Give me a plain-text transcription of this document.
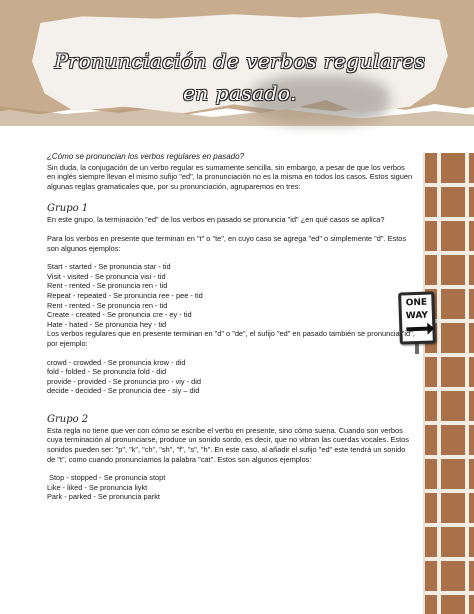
Pronunciación de verbos regulares
en pasado.
ONE
WAY

¿Cómo se pronuncian los verbos regulares en pasado?

Sin duda, la conjugación de un verbo regular es sumamente sencilla, sin embargo, a pesar de que los verbos en inglés siempre llevan el mismo sufijo "ed", la pronunciación no es la misma en todos los casos. Estos siguen algunas reglas gramaticales que, por su pronunciación, agruparemos en tres:

Grupo 1

En este grupo, la terminación "ed" de los verbos en pasado se pronuncia "id" ¿en qué casos se aplica?

Para los verbos en presente que terminan en "t" o "te", en cuyo caso se agrega "ed" o simplemente "d". Estos son algunos ejemplos:

Start - started - Se pronuncia star - tid

Visit - visited - Se pronuncia visi - tid

Rent - rented - Se pronuncia ren - tid

Repeat - repeated - Se pronuncia ree - pee - tid

Rent - rented - Se pronuncia ren - tid

Create - created - Se pronuncia cre - ey - tid

Hate - hated - Se pronuncia hey - tid

Los verbos regulares que en presente terminan en "d" o "de", el sufijo "ed" en pasado también se pronuncia "id", por ejemplo:

crowd - crowded - Se pronuncia krow - did

fold - folded - Se pronuncia fold - did

provide - provided - Se pronuncia pro - viy - did

decide - decided - Se pronuncia dee - siy – did

Grupo 2

Esta regla no tiene que ver con cómo se escribe el verbo en presente, sino cómo suena. Cuando son verbos cuya terminación al pronunciarse, produce un sonido sordo, es decir, que no vibran las cuerdas vocales. Estos sonidos pueden ser: "p", "k", "ch", "sh", "f", "s", "h". En este caso, al añadir el sufijo "ed" este tendrá un sonido de "t", como cuando pronunciamos la palabra "cat". Estos son algunos ejemplos:

Stop - stopped - Se pronuncia stopt

Like - liked - Se pronuncia liykt

Park - parked - Se pronuncia parkt
